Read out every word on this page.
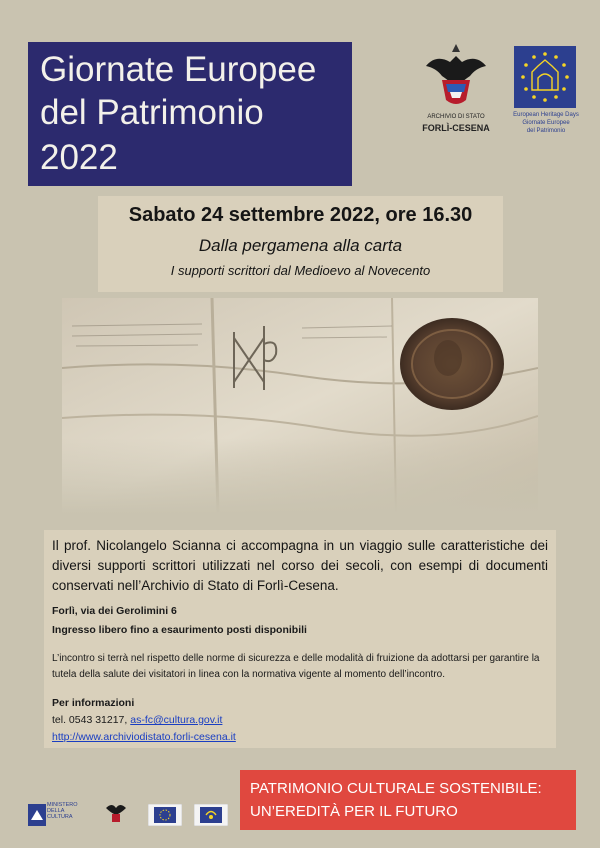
Giornate Europee
del Patrimonio
2022
ARCHIVIO DI STATO
FORLÌ-CESENA
European Heritage Days
Giornate Europee
del Patrimonio
Sabato 24 settembre 2022, ore 16.30
Dalla pergamena alla carta
I supporti scrittori dal Medioevo al Novecento
Il prof. Nicolangelo Scianna ci accompagna in un viaggio sulle caratteristiche dei diversi supporti scrittori utilizzati nel corso dei secoli, con esempi di documenti conservati nell’Archivio di Stato di Forlì-Cesena.
Forlì, via dei Gerolimini 6
Ingresso libero fino a esaurimento posti disponibili
L’incontro si terrà nel rispetto delle norme di sicurezza e delle modalità di fruizione da adottarsi per garantire la tutela della salute dei visitatori in linea con la normativa vigente al momento dell’incontro.
Per informazioni
tel. 0543 31217, as-fc@cultura.gov.it
http://www.archiviodistato.forli-cesena.it
PATRIMONIO CULTURALE SOSTENIBILE:
UN’EREDITÀ PER IL FUTURO
MINISTERO
DELLA
CULTURA
